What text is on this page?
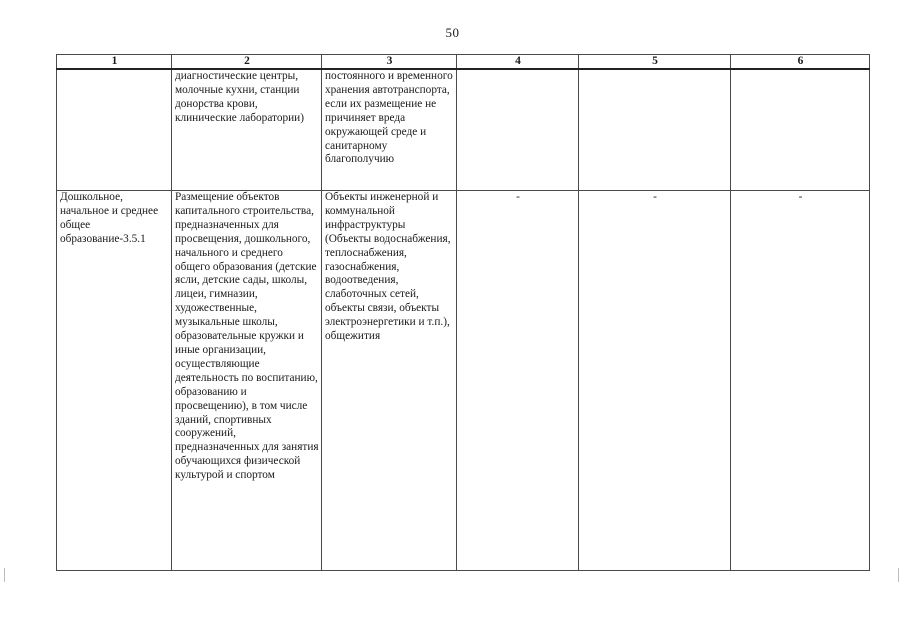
50
1	2	3	4	5	6
	диагностические центры, молочные кухни, станции донорства крови, клинические лаборатории)	постоянного и временного хранения автотранспорта, если их размещение не причиняет вреда окружающей среде и санитарному благополучию			
Дошкольное, начальное и среднее общее образование-3.5.1	Размещение объектов капитального строительства, предназначенных для просвещения, дошкольного, начального и среднего общего образования (детские ясли, детские сады, школы, лицеи, гимназии, художественные, музыкальные школы, образовательные кружки и иные организации, осуществляющие деятельность по воспитанию, образованию и просвещению), в том числе зданий, спортивных сооружений, предназначенных для занятия обучающихся физической культурой и спортом	Объекты инженерной и коммунальной инфраструктуры (Объекты водоснабжения, теплоснабжения, газоснабжения, водоотведения, слаботочных сетей, объекты связи, объекты электроэнергетики и т.п.), общежития	-	-	-
